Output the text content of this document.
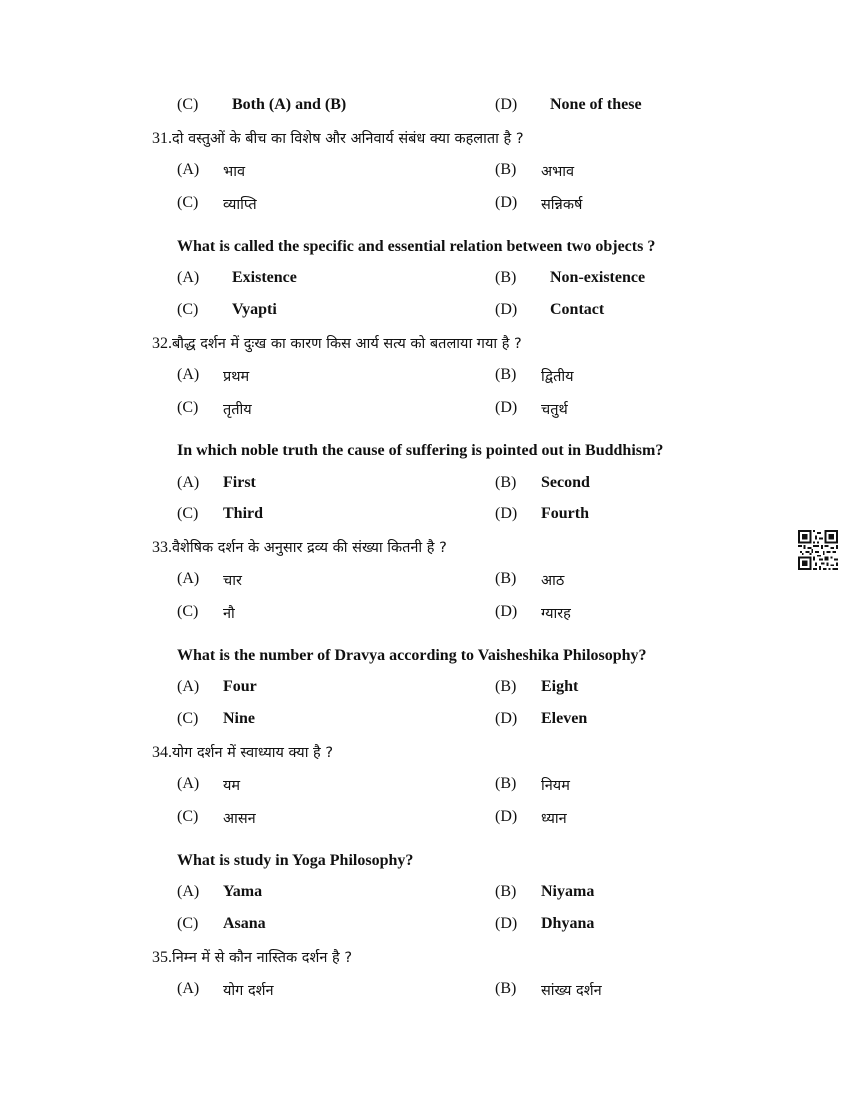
(C) Both (A) and (B)	(D) None of these
31.दो वस्तुओं के बीच का विशेष और अनिवार्य संबंध क्या कहलाता है ?
(A) भाव	(B) अभाव
(C) व्याप्ति	(D) सन्निकर्ष
What is called the specific and essential relation between two objects ?
(A) Existence	(B) Non-existence
(C) Vyapti	(D) Contact
32.बौद्ध दर्शन में दुःख का कारण किस आर्य सत्य को बतलाया गया है ?
(A) प्रथम	(B) द्वितीय
(C) तृतीय	(D) चतुर्थ
In which noble truth the cause of suffering is pointed out in Buddhism?
(A) First	(B) Second
(C) Third	(D) Fourth
33.वैशेषिक दर्शन के अनुसार द्रव्य की संख्या कितनी है ?
(A) चार	(B) आठ
(C) नौ	(D) ग्यारह
What is the number of Dravya according to Vaisheshika Philosophy?
(A) Four	(B) Eight
(C) Nine	(D) Eleven
34.योग दर्शन में स्वाध्याय क्या है ?
(A) यम	(B) नियम
(C) आसन	(D) ध्यान
What is study in Yoga Philosophy?
(A) Yama	(B) Niyama
(C) Asana	(D) Dhyana
35.निम्न में से कौन नास्तिक दर्शन है ?
(A) योग दर्शन	(B) सांख्य दर्शन
